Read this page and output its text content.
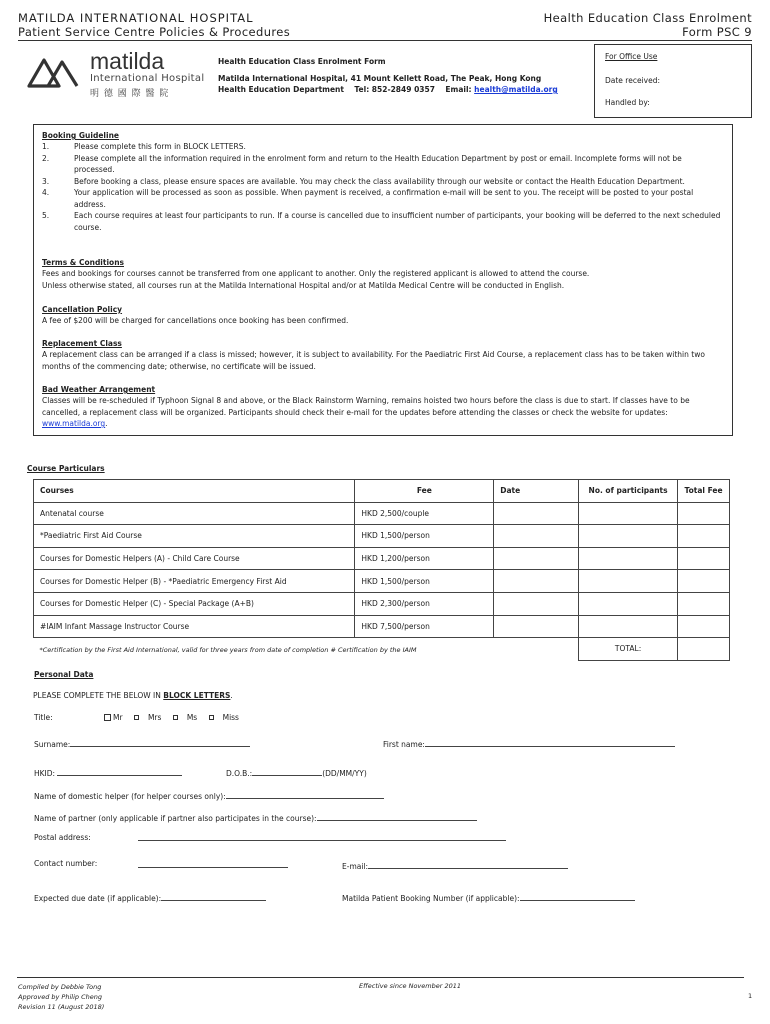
MATILDA INTERNATIONAL HOSPITAL
Patient Service Centre Policies & Procedures
Health Education Class Enrolment
Form PSC 9
matilda
International Hospital
明 德 國 際 醫 院
Health Education Class Enrolment Form
Matilda International Hospital, 41 Mount Kellett Road, The Peak, Hong Kong
Health Education Department    Tel: 852-2849 0357    Email: health@matilda.org
For Office Use
Date received:
Handled by:
Booking Guideline
1.	Please complete this form in BLOCK LETTERS.
2.	Please complete all the information required in the enrolment form and return to the Health Education Department by post or email. Incomplete forms will not be processed.
3.	Before booking a class, please ensure spaces are available. You may check the class availability through our website or contact the Health Education Department.
4.	Your application will be processed as soon as possible. When payment is received, a confirmation e-mail will be sent to you. The receipt will be posted to your postal address.
5.	Each course requires at least four participants to run. If a course is cancelled due to insufficient number of participants, your booking will be deferred to the next scheduled course.
Terms & Conditions
Fees and bookings for courses cannot be transferred from one applicant to another. Only the registered applicant is allowed to attend the course.
Unless otherwise stated, all courses run at the Matilda International Hospital and/or at Matilda Medical Centre will be conducted in English.
Cancellation Policy
A fee of $200 will be charged for cancellations once booking has been confirmed.
Replacement Class
A replacement class can be arranged if a class is missed; however, it is subject to availability. For the Paediatric First Aid Course, a replacement class has to be taken within two months of the commencing date; otherwise, no certificate will be issued.
Bad Weather Arrangement
Classes will be re-scheduled if Typhoon Signal 8 and above, or the Black Rainstorm Warning, remains hoisted two hours before the class is due to start. If classes have to be cancelled, a replacement class will be organized. Participants should check their e-mail for the updates before attending the classes or check the website for updates: www.matilda.org.
Course Particulars
Courses	Fee	Date	No. of participants	Total Fee
Antenatal course	HKD 2,500/couple			
*Paediatric First Aid Course	HKD 1,500/person			
Courses for Domestic Helpers (A) - Child Care Course	HKD 1,200/person			
Courses for Domestic Helper (B) - *Paediatric Emergency First Aid	HKD 1,500/person			
Courses for Domestic Helper (C) - Special Package (A+B)	HKD 2,300/person			
#IAIM Infant Massage Instructor Course	HKD 7,500/person			
*Certification by the First Aid International, valid for three years from date of completion # Certification by the IAIM			TOTAL:	
Personal Data
PLEASE COMPLETE THE BELOW IN BLOCK LETTERS.
Title:	Mr	Mrs	Ms	Miss
Surname:	First name:
HKID:	D.O.B.:	(DD/MM/YY)
Name of domestic helper (for helper courses only):
Name of partner (only applicable if partner also participates in the course):
Postal address:
Contact number:	E-mail:
Expected due date (if applicable):	Matilda Patient Booking Number (if applicable):
Compiled by Debbie Tong
Approved by Philip Cheng
Revision 11 (August 2018)
Effective since November 2011
1
